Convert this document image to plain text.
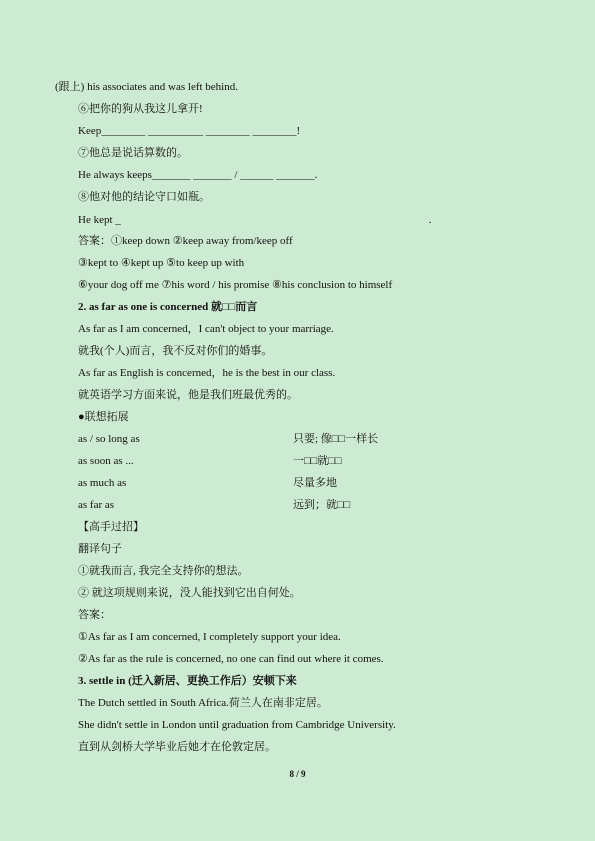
(跟上) his associates and was left behind.
⑥把你的狗从我这儿拿开!
Keep________ __________ ________ ________!
⑦他总是说话算数的。
He always keeps_______ _______ / ______ _______.
⑧他对他的结论守口如瓶。
He kept _	.
答案：①keep down ②keep away from/keep off
③kept to ④kept up ⑤to keep up with
⑥your dog off me ⑦his word / his promise ⑧his conclusion to himself
2. as far as one is concerned 就□□而言
As far as I am concerned，I can't object to your marriage.
就我(个人)而言，我不反对你们的婚事。
As far as English is concerned，he is the best in our class.
就英语学习方面来说，他是我们班最优秀的。
●联想拓展
as / so long as	只要; 像□□一样长
as soon as ...	一□□就□□
as much as	尽量多地
as far as	远到；就□□
【高手过招】
翻译句子
①就我而言, 我完全支持你的想法。
② 就这项规则来说，没人能找到它出自何处。
答案：
①As far as I am concerned, I completely support your idea.
②As far as the rule is concerned, no one can find out where it comes.
3. settle in (迁入新居、更换工作后）安顿下来
The Dutch settled in South Africa.荷兰人在南非定居。
She didn't settle in London until graduation from Cambridge University.
直到从剑桥大学毕业后她才在伦敦定居。
8 / 9
